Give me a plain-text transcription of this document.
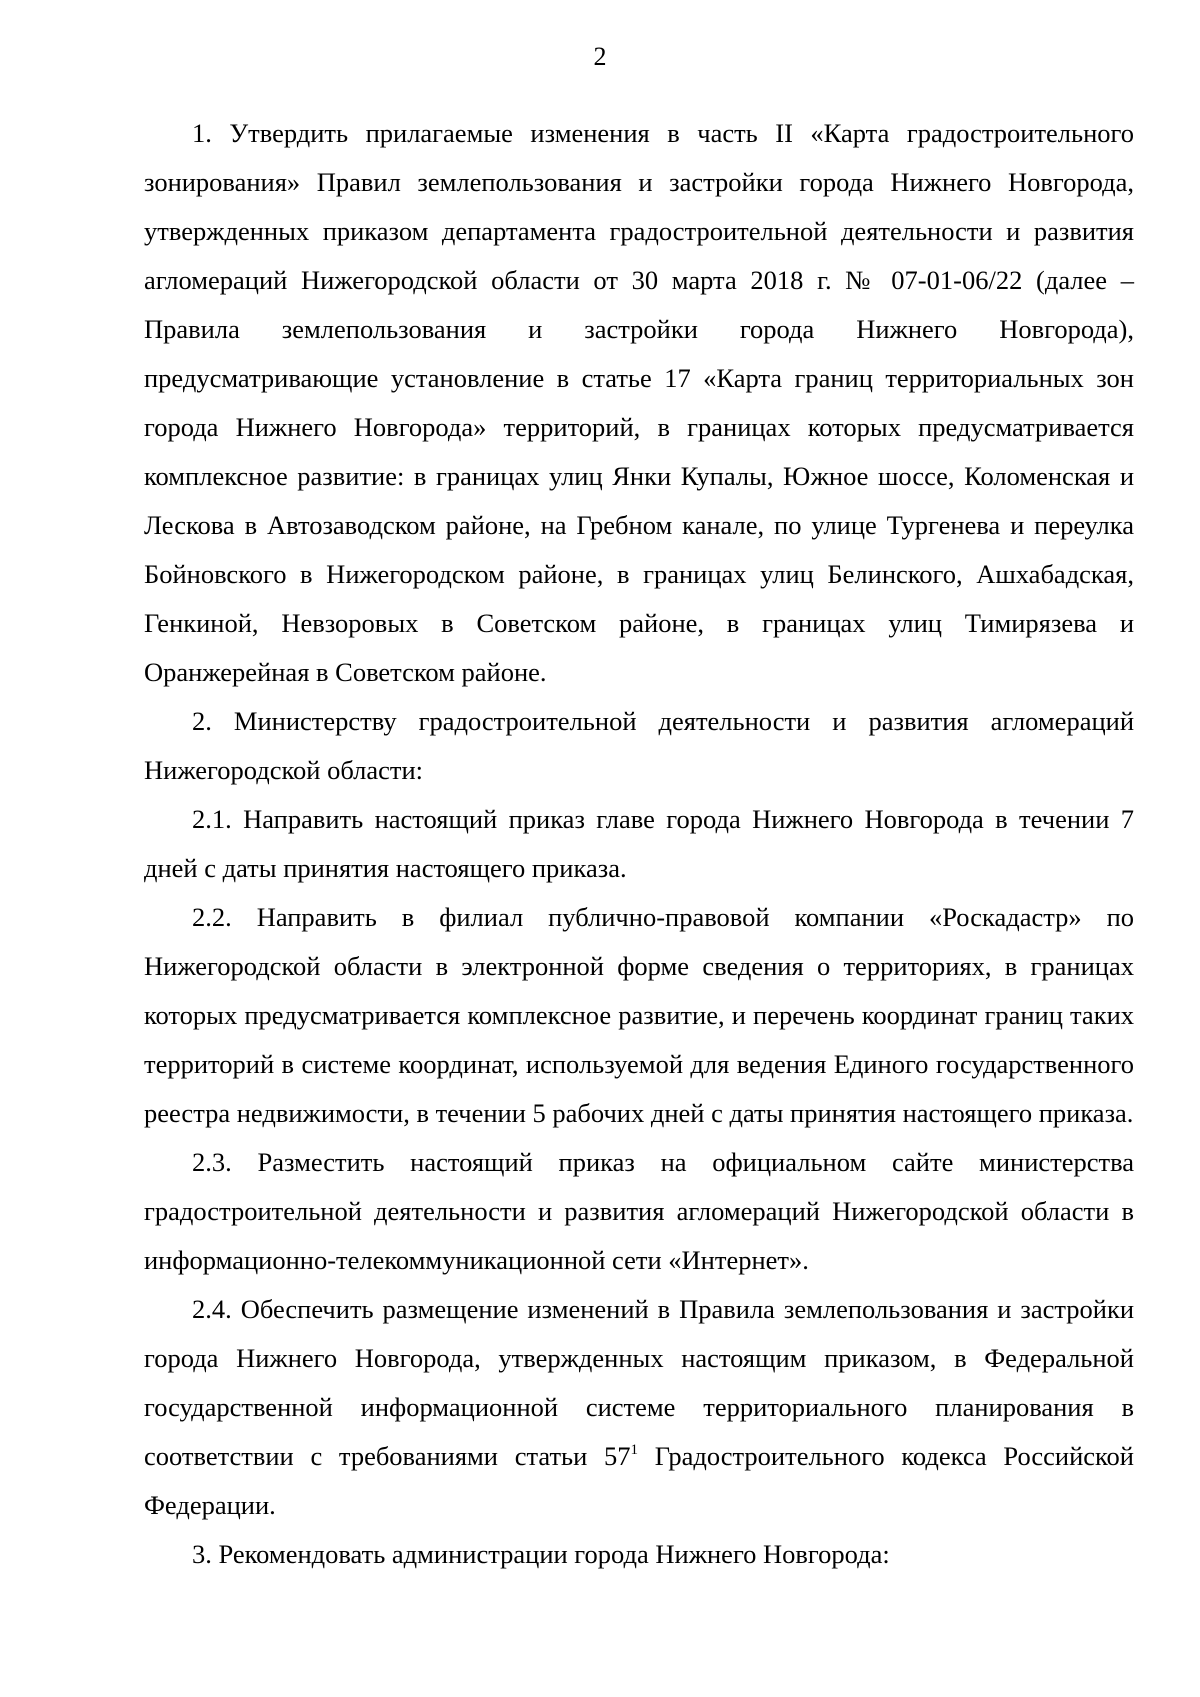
2

1. Утвердить прилагаемые изменения в часть II «Карта градостроительного зонирования» Правил землепользования и застройки города Нижнего Новгорода, утвержденных приказом департамента градостроительной деятельности и развития агломераций Нижегородской области от 30 марта 2018 г. № 07-01-06/22 (далее – Правила землепользования и застройки города Нижнего Новгорода), предусматривающие установление в статье 17 «Карта границ территориальных зон города Нижнего Новгорода» территорий, в границах которых предусматривается комплексное развитие: в границах улиц Янки Купалы, Южное шоссе, Коломенская и Лескова в Автозаводском районе, на Гребном канале, по улице Тургенева и переулка Бойновского в Нижегородском районе, в границах улиц Белинского, Ашхабадская, Генкиной, Невзоровых в Советском районе, в границах улиц Тимирязева и Оранжерейная в Советском районе.

2. Министерству градостроительной деятельности и развития агломераций Нижегородской области:

2.1. Направить настоящий приказ главе города Нижнего Новгорода в течении 7 дней с даты принятия настоящего приказа.

2.2. Направить в филиал публично-правовой компании «Роскадастр» по Нижегородской области в электронной форме сведения о территориях, в границах которых предусматривается комплексное развитие, и перечень координат границ таких территорий в системе координат, используемой для ведения Единого государственного реестра недвижимости, в течении 5 рабочих дней с даты принятия настоящего приказа.

2.3. Разместить настоящий приказ на официальном сайте министерства градостроительной деятельности и развития агломераций Нижегородской области в информационно-телекоммуникационной сети «Интернет».

2.4. Обеспечить размещение изменений в Правила землепользования и застройки города Нижнего Новгорода, утвержденных настоящим приказом, в Федеральной государственной информационной системе территориального планирования в соответствии с требованиями статьи $57^1$ Градостроительного кодекса Российской Федерации.

3. Рекомендовать администрации города Нижнего Новгорода:
